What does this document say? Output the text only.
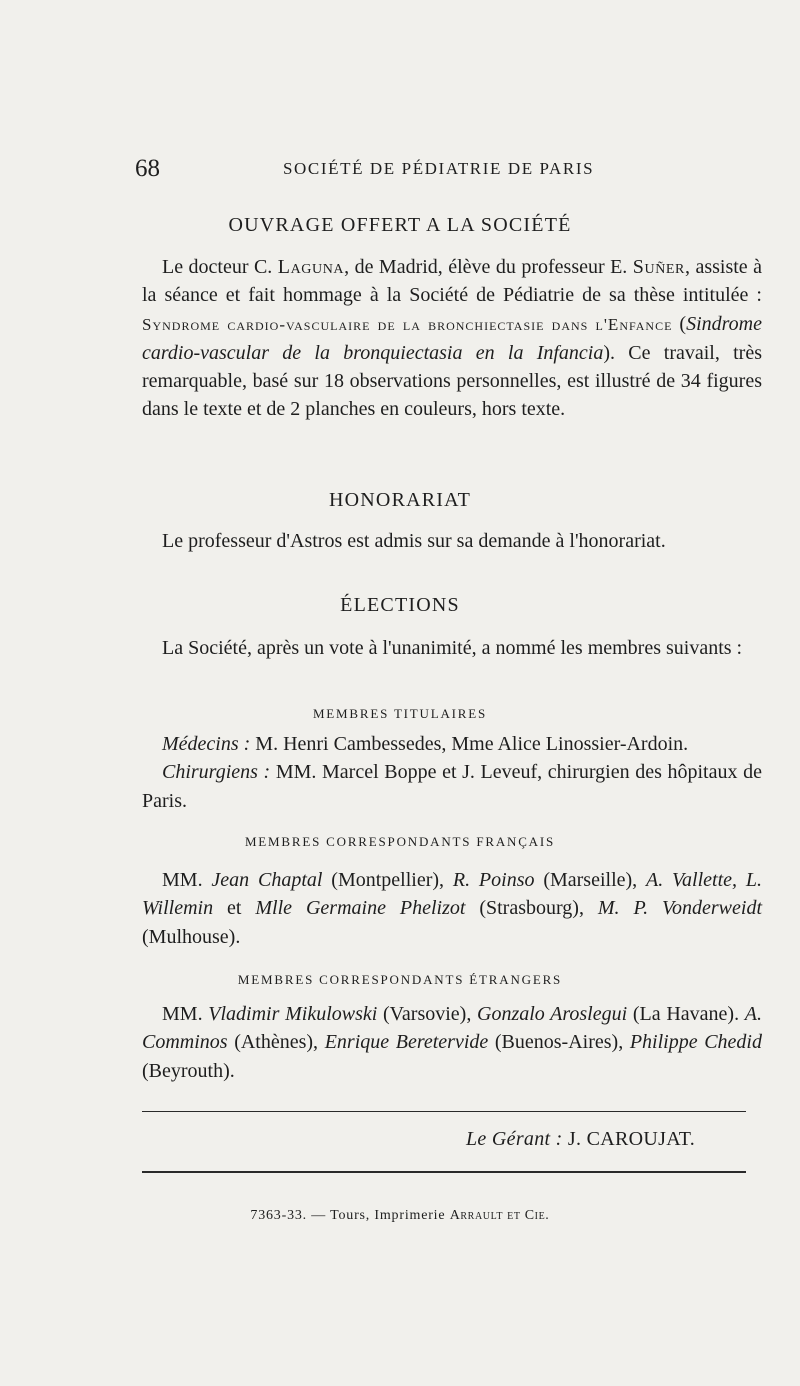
68	SOCIÉTÉ DE PÉDIATRIE DE PARIS
OUVRAGE OFFERT A LA SOCIÉTÉ

Le docteur C. Laguna, de Madrid, élève du professeur E. Suñer, assiste à la séance et fait hommage à la Société de Pédiatrie de sa thèse intitulée : Syndrome cardio-vasculaire de la bronchiectasie dans l'Enfance (Sindrome cardio-vascular de la bronquiectasia en la Infancia). Ce travail, très remarquable, basé sur 18 observations personnelles, est illustré de 34 figures dans le texte et de 2 planches en couleurs, hors texte.

HONORARIAT

Le professeur d'Astros est admis sur sa demande à l'honorariat.

ÉLECTIONS

La Société, après un vote à l'unanimité, a nommé les membres suivants :

MEMBRES TITULAIRES

Médecins : M. Henri Cambessedes, Mme Alice Linossier-Ardoin.

Chirurgiens : MM. Marcel Boppe et J. Leveuf, chirurgien des hôpitaux de Paris.

MEMBRES CORRESPONDANTS FRANÇAIS

MM. Jean Chaptal (Montpellier), R. Poinso (Marseille), A. Vallette, L. Willemin et Mlle Germaine Phelizot (Strasbourg), M. P. Vonderweidt (Mulhouse).

MEMBRES CORRESPONDANTS ÉTRANGERS

MM. Vladimir Mikulowski (Varsovie), Gonzalo Aroslegui (La Havane). A. Comminos (Athènes), Enrique Beretervide (Buenos-Aires), Philippe Chedid (Beyrouth).

Le Gérant : J. CAROUJAT.
7363-33. — Tours, Imprimerie Arrault et Cie.
